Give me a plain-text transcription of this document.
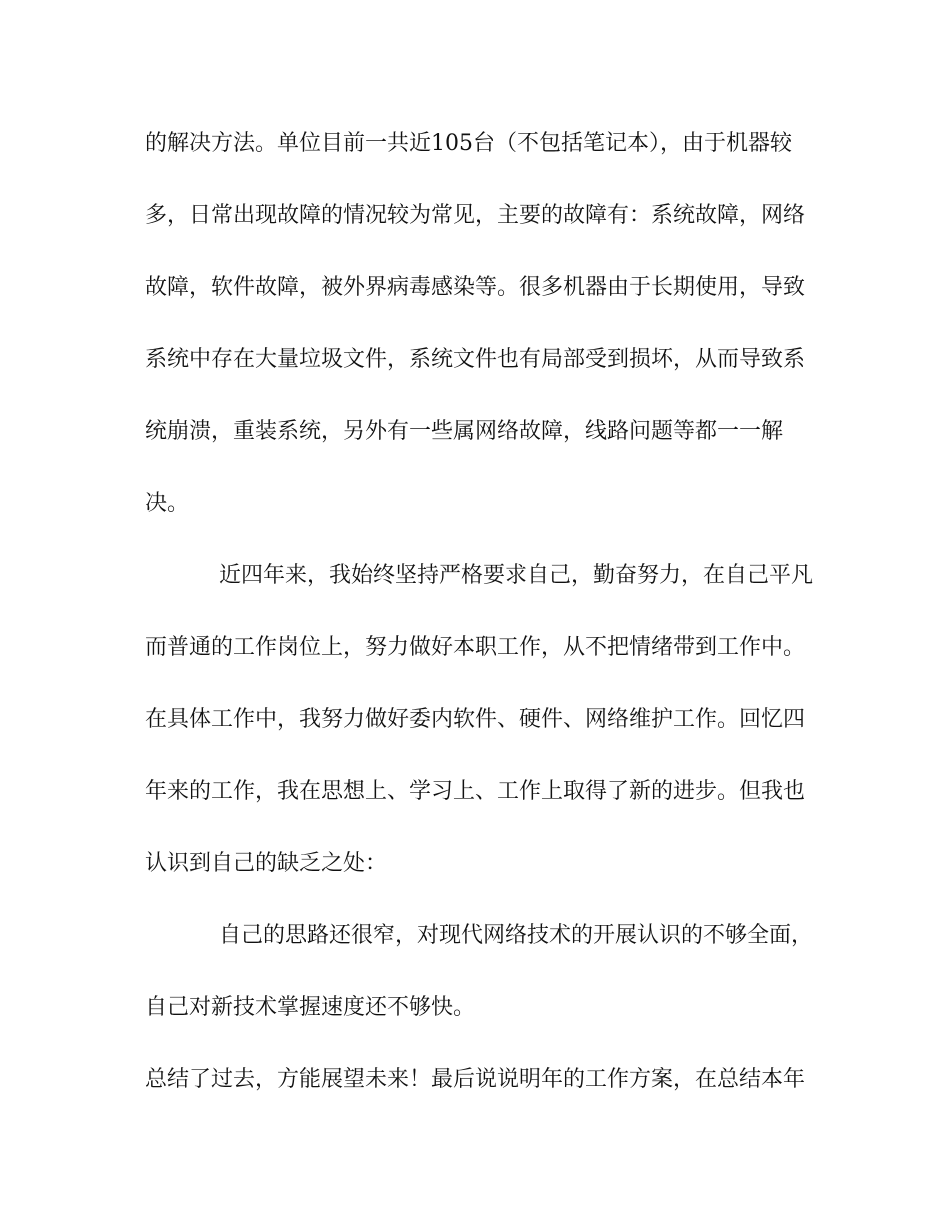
的解决方法。单位目前一共近105台（不包括笔记本），由于机器较

多，日常出现故障的情况较为常见，主要的故障有：系统故障，网络

故障，软件故障，被外界病毒感染等。很多机器由于长期使用，导致

系统中存在大量垃圾文件，系统文件也有局部受到损坏，从而导致系

统崩溃，重装系统，另外有一些属网络故障，线路问题等都一一解

决。

近四年来，我始终坚持严格要求自己，勤奋努力，在自己平凡

而普通的工作岗位上，努力做好本职工作，从不把情绪带到工作中。

在具体工作中，我努力做好委内软件、硬件、网络维护工作。回忆四

年来的工作，我在思想上、学习上、工作上取得了新的进步。但我也

认识到自己的缺乏之处：

自己的思路还很窄，对现代网络技术的开展认识的不够全面，

自己对新技术掌握速度还不够快。

总结了过去，方能展望未来！最后说说明年的工作方案，在总结本年
